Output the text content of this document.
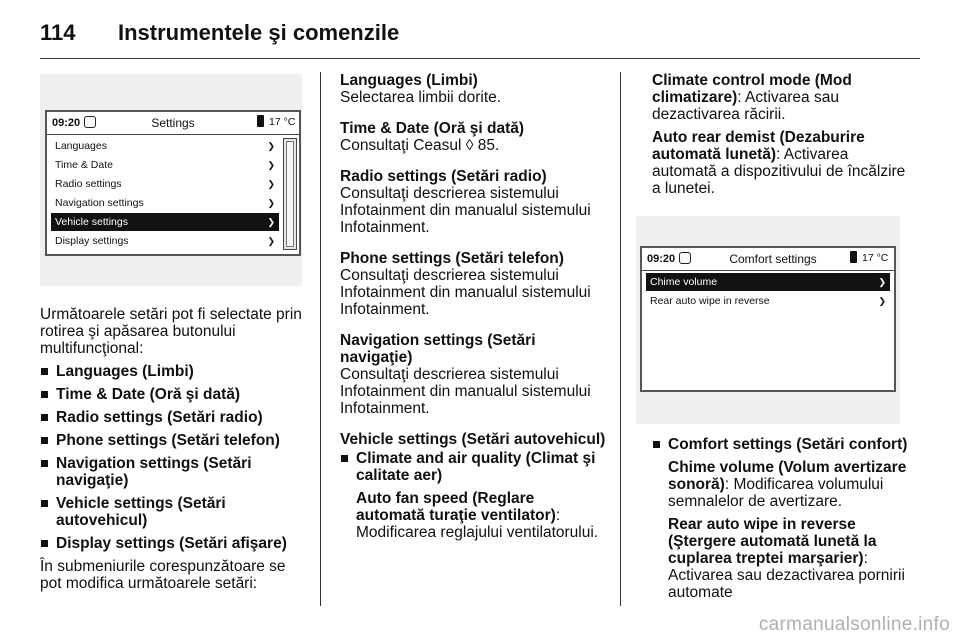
114 Instrumentele şi comenzile
09:20	Settings	17 °C
Languages	❯
Time & Date	❯
Radio settings	❯
Navigation settings	❯
Vehicle settings	❯
Display settings	❯

Următoarele setări pot fi selectate prin rotirea şi apăsarea butonului multifuncţional:

Languages (Limbi)
Time & Date (Oră şi dată)
Radio settings (Setări radio)
Phone settings (Setări telefon)
Navigation settings (Setări navigaţie)
Vehicle settings (Setări autovehicul)
Display settings (Setări afişare)

În submeniurile corespunzătoare se pot modifica următoarele setări:

Languages (Limbi)

Selectarea limbii dorite.

Time & Date (Oră şi dată)

Consultaţi Ceasul ◊ 85.

Radio settings (Setări radio)

Consultaţi descrierea sistemului Infotainment din manualul sistemului Infotainment.

Phone settings (Setări telefon)

Consultaţi descrierea sistemului Infotainment din manualul sistemului Infotainment.

Navigation settings (Setări navigaţie)

Consultaţi descrierea sistemului Infotainment din manualul sistemului Infotainment.

Vehicle settings (Setări autovehicul)

Climate and air quality (Climat şi calitate aer)

Auto fan speed (Reglare automată turaţie ventilator): Modificarea reglajului ventilatorului.

Climate control mode (Mod climatizare): Activarea sau dezactivarea răcirii.

Auto rear demist (Dezaburire automată lunetă): Activarea automată a dispozitivului de încălzire a lunetei.

09:20	Comfort settings	17 °C
Chime volume	❯
Rear auto wipe in reverse	❯
Comfort settings (Setări confort)

Chime volume (Volum avertizare sonoră): Modificarea volumului semnalelor de avertizare.

Rear auto wipe in reverse (Ştergere automată lunetă la cuplarea treptei marşarier): Activarea sau dezactivarea pornirii automate

carmanualsonline.info
